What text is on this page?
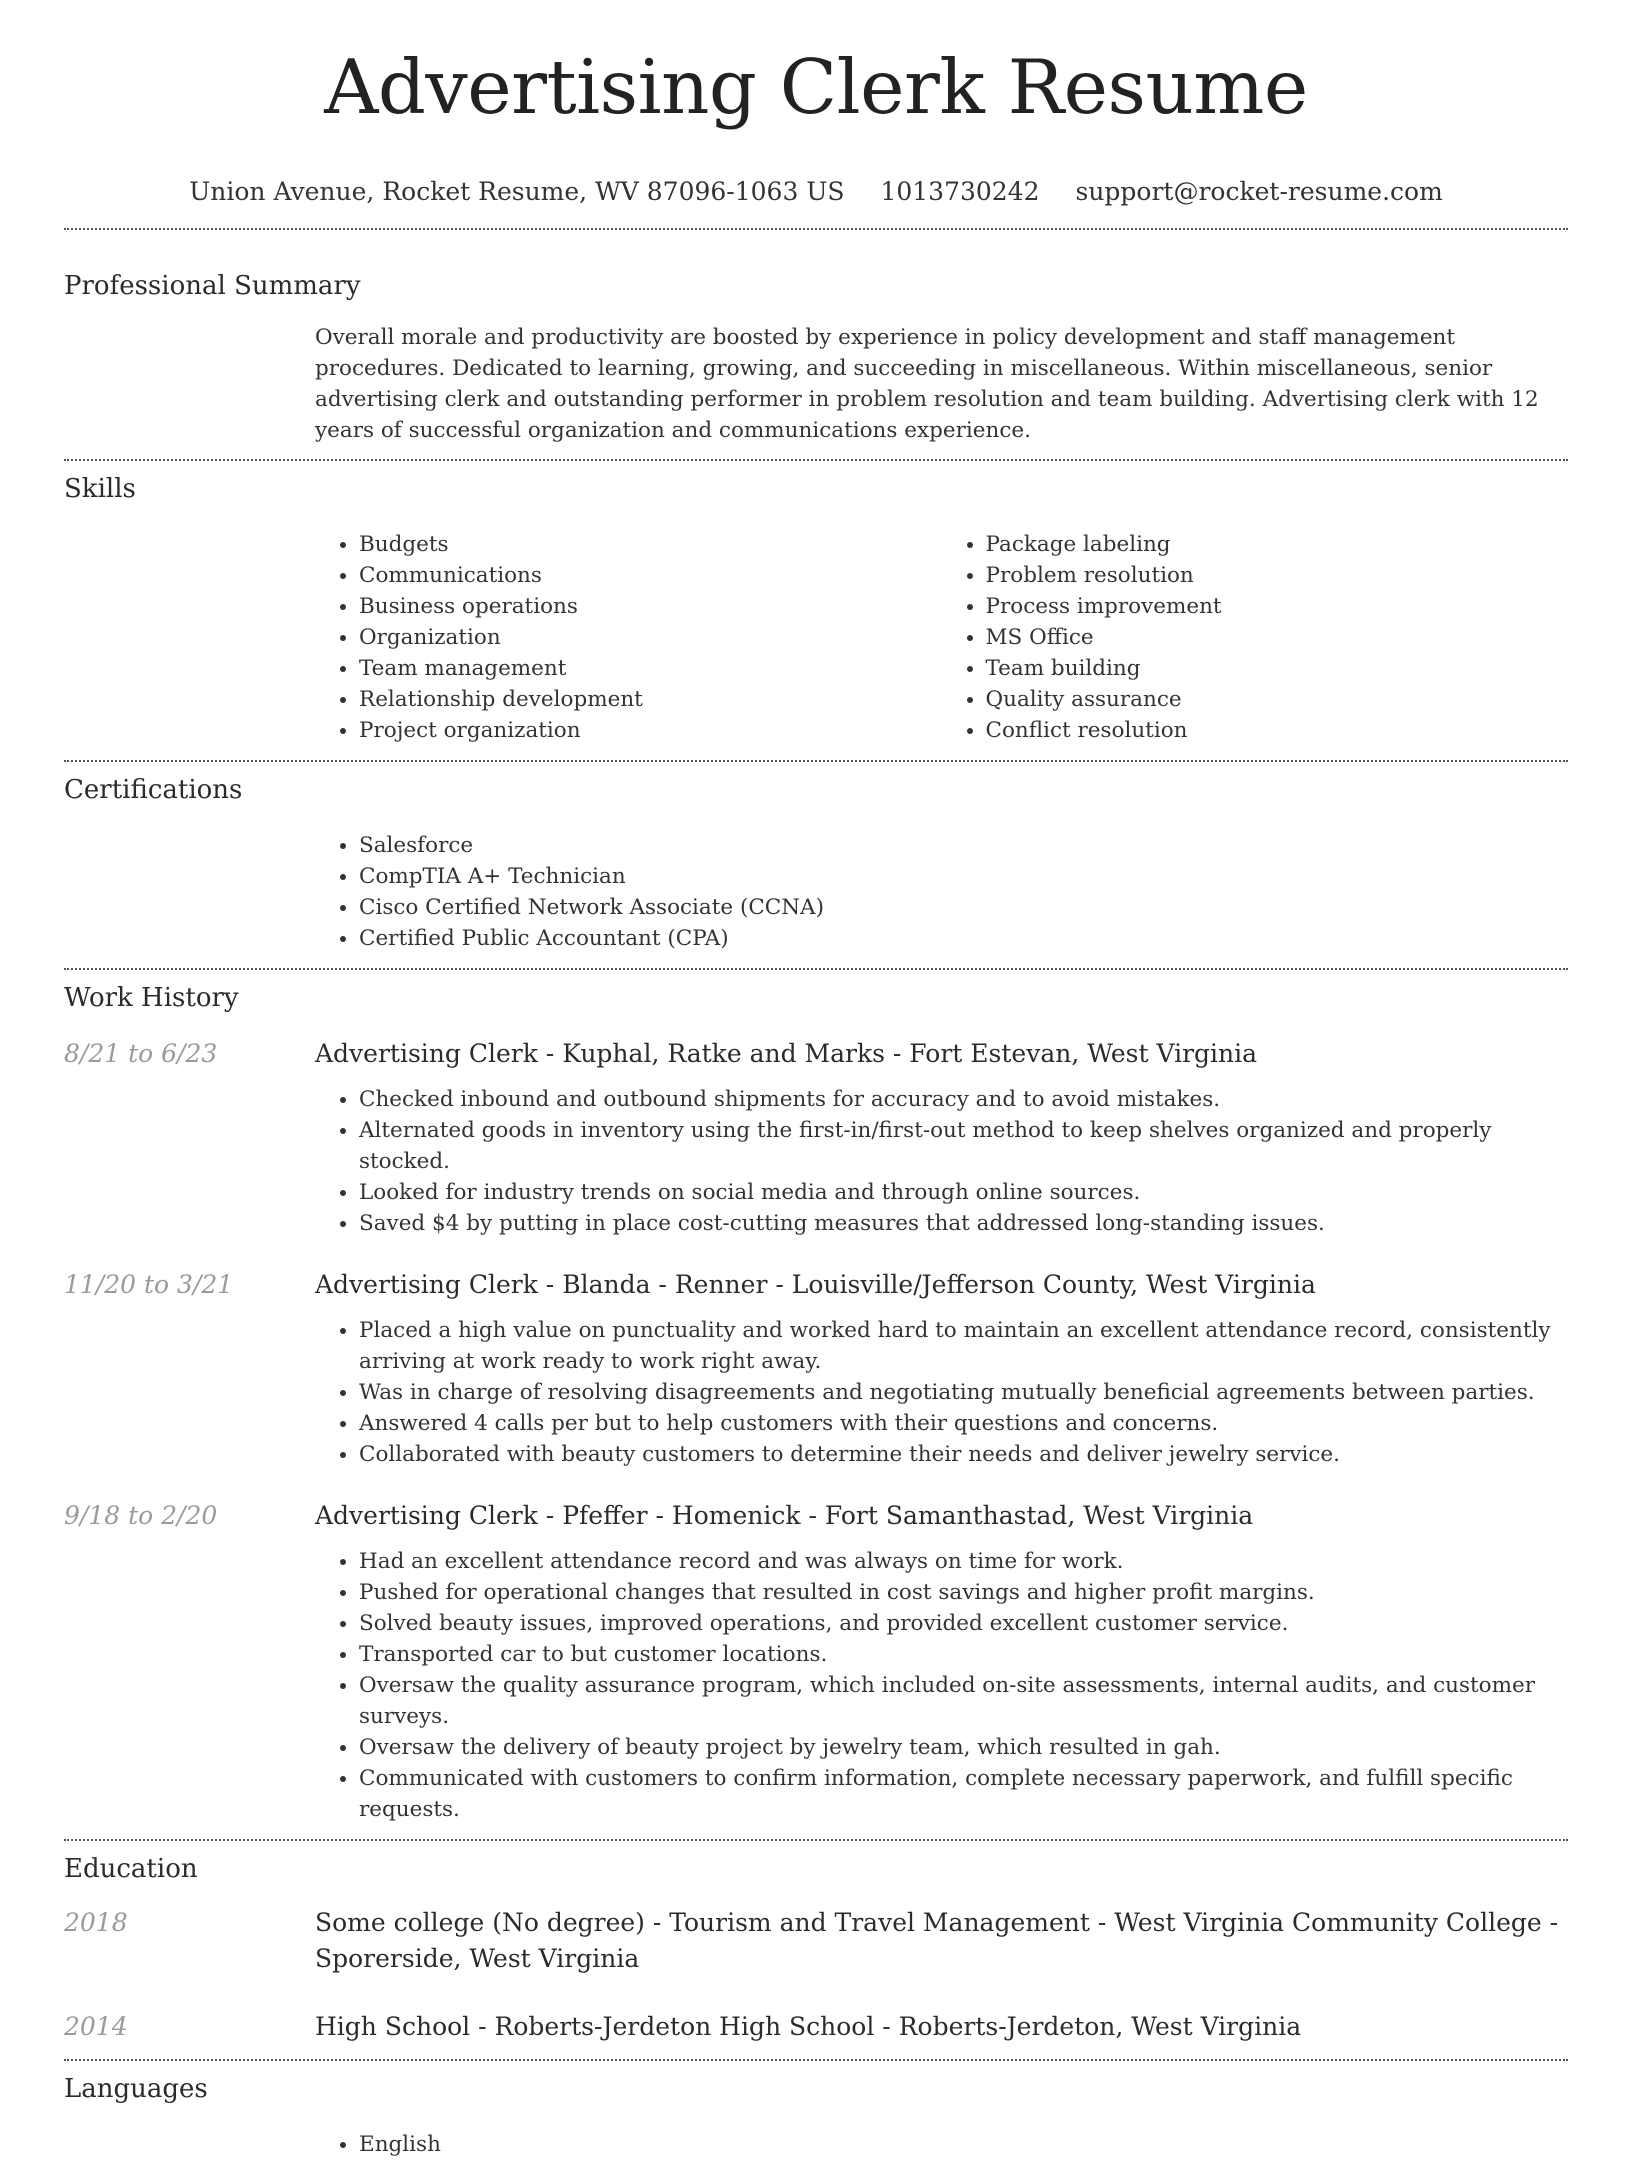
Advertising Clerk Resume
Union Avenue, Rocket Resume, WV 87096-1063 US 1013730242 support@rocket-resume.com
Professional Summary

Overall morale and productivity are boosted by experience in policy development and staff management procedures. Dedicated to learning, growing, and succeeding in miscellaneous. Within miscellaneous, senior advertising clerk and outstanding performer in problem resolution and team building. Advertising clerk with 12 years of successful organization and communications experience.

Skills
• Budgets
• Communications
• Business operations
• Organization
• Team management
• Relationship development
• Project organization
• Package labeling
• Problem resolution
• Process improvement
• MS Office
• Team building
• Quality assurance
• Conflict resolution
Certifications
• Salesforce
• CompTIA A+ Technician
• Cisco Certified Network Associate (CCNA)
• Certified Public Accountant (CPA)
Work History
8/21 to 6/23	Advertising Clerk - Kuphal, Ratke and Marks - Fort Estevan, West Virginia
• Checked inbound and outbound shipments for accuracy and to avoid mistakes.
• Alternated goods in inventory using the first-in/first-out method to keep shelves organized and properly stocked.
• Looked for industry trends on social media and through online sources.
• Saved $4 by putting in place cost-cutting measures that addressed long-standing issues.
11/20 to 3/21	Advertising Clerk - Blanda - Renner - Louisville/Jefferson County, West Virginia
• Placed a high value on punctuality and worked hard to maintain an excellent attendance record, consistently arriving at work ready to work right away.
• Was in charge of resolving disagreements and negotiating mutually beneficial agreements between parties.
• Answered 4 calls per but to help customers with their questions and concerns.
• Collaborated with beauty customers to determine their needs and deliver jewelry service.
9/18 to 2/20	Advertising Clerk - Pfeffer - Homenick - Fort Samanthastad, West Virginia
• Had an excellent attendance record and was always on time for work.
• Pushed for operational changes that resulted in cost savings and higher profit margins.
• Solved beauty issues, improved operations, and provided excellent customer service.
• Transported car to but customer locations.
• Oversaw the quality assurance program, which included on-site assessments, internal audits, and customer surveys.
• Oversaw the delivery of beauty project by jewelry team, which resulted in gah.
• Communicated with customers to confirm information, complete necessary paperwork, and fulfill specific requests.
Education
2018	Some college (No degree) - Tourism and Travel Management - West Virginia Community College - Sporerside, West Virginia
2014	High School - Roberts-Jerdeton High School - Roberts-Jerdeton, West Virginia
Languages
• English
